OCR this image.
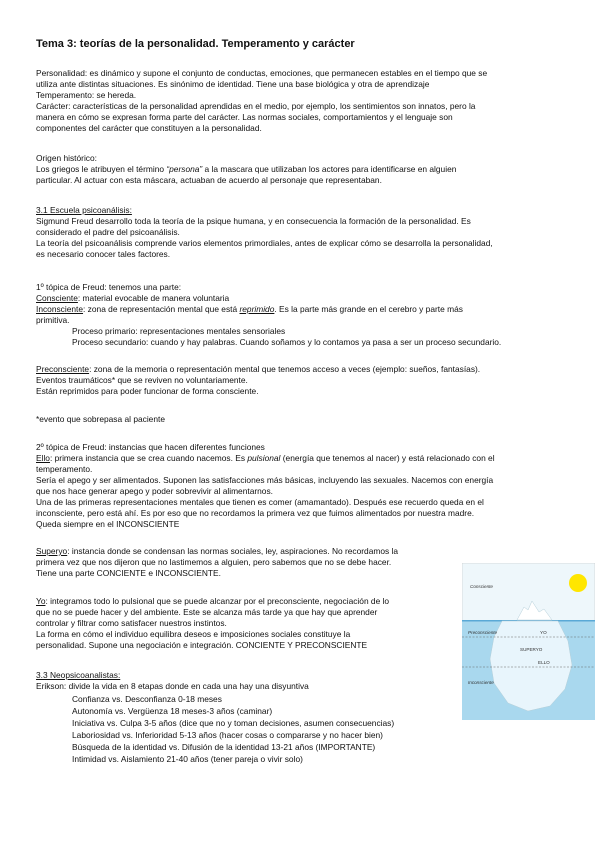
Tema 3: teorías de la personalidad. Temperamento y carácter
Personalidad: es dinámico y supone el conjunto de conductas, emociones, que permanecen estables en el tiempo que se
utiliza ante distintas situaciones. Es sinónimo de identidad. Tiene una base biológica y otra de aprendizaje
Temperamento: se hereda.
Carácter: características de la personalidad aprendidas en el medio, por ejemplo, los sentimientos son innatos, pero la
manera en cómo se expresan forma parte del carácter. Las normas sociales, comportamientos y el lenguaje son
componentes del carácter que constituyen a la personalidad.
Origen histórico:
Los griegos le atribuyen el término “persona” a la mascara que utilizaban los actores para identificarse en alguien
particular. Al actuar con esta máscara, actuaban de acuerdo al personaje que representaban.
3.1 Escuela psicoanálisis:
Sigmund Freud desarrollo toda la teoría de la psique humana, y en consecuencia la formación de la personalidad. Es
considerado el padre del psicoanálisis.
La teoría del psicoanálisis comprende varios elementos primordiales, antes de explicar cómo se desarrolla la personalidad,
es necesario conocer tales factores.
1º tópica de Freud: tenemos una parte:
Consciente: material evocable de manera voluntaria
Inconsciente: zona de representación mental que está reprimido. Es la parte más grande en el cerebro y parte más
primitiva.
Proceso primario: representaciones mentales sensoriales
Proceso secundario: cuando y hay palabras. Cuando soñamos y lo contamos ya pasa a ser un proceso secundario.
Preconsciente: zona de la memoria o representación mental que tenemos acceso a veces (ejemplo: sueños, fantasías).
Eventos traumáticos* que se reviven no voluntariamente.
Están reprimidos para poder funcionar de forma consciente.
*evento que sobrepasa al paciente
2º tópica de Freud: instancias que hacen diferentes funciones
Ello: primera instancia que se crea cuando nacemos. Es pulsional (energía que tenemos al nacer) y está relacionado con el
temperamento.
Sería el apego y ser alimentados. Suponen las satisfacciones más básicas, incluyendo las sexuales. Nacemos con energía
que nos hace generar apego y poder sobrevivir al alimentarnos.
Una de las primeras representaciones mentales que tienen es comer (amamantado). Después ese recuerdo queda en el
inconsciente, pero está ahí. Es por eso que no recordamos la primera vez que fuimos alimentados por nuestra madre.
Queda siempre en el INCONSCIENTE
Superyo: instancia donde se condensan las normas sociales, ley, aspiraciones. No recordamos la
primera vez que nos dijeron que no lastimemos a alguien, pero sabemos que no se debe hacer.
Tiene una parte CONCIENTE e INCONSCIENTE.
Yo: integramos todo lo pulsional que se puede alcanzar por el preconsciente, negociación de lo
que no se puede hacer y del ambiente. Este se alcanza más tarde ya que hay que aprender
controlar y filtrar como satisfacer nuestros instintos.
La forma en cómo el individuo equilibra deseos e imposiciones sociales constituye la
personalidad. Supone una negociación e integración. CONCIENTE Y PRECONSCIENTE
3.3 Neopsicoanalistas:
Erikson: divide la vida en 8 etapas donde en cada una hay una disyuntiva
Confianza vs. Desconfianza 0-18 meses
Autonomía vs. Vergüenza 18 meses-3 años (caminar)
Iniciativa vs. Culpa 3-5 años (dice que no y toman decisiones, asumen consecuencias)
Laboriosidad vs. Inferioridad 5-13 años (hacer cosas o compararse y no hacer bien)
Búsqueda de la identidad vs. Difusión de la identidad 13-21 años (IMPORTANTE)
Intimidad vs. Aislamiento 21-40 años (tener pareja o vivir solo)
Consciente
Preconsciente	YO
SUPERYO
ELLO
Inconsciente
